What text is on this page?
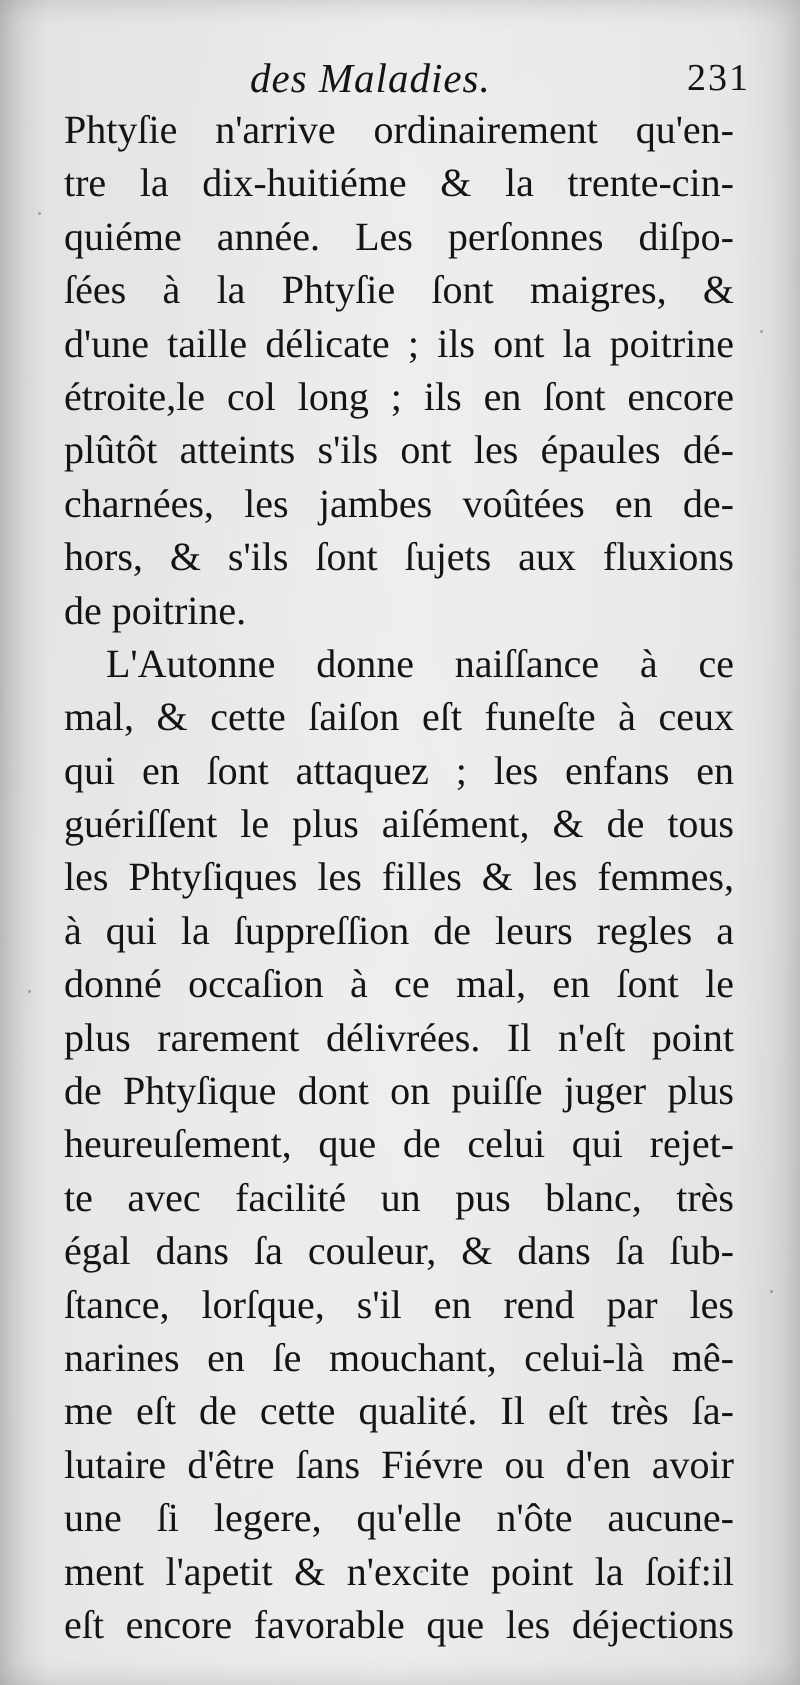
des Maladies.	231
Phtyſie n'arrive ordinairement qu'en-
tre la dix-huitiéme & la trente-cin-
quiéme année. Les perſonnes diſpo-
ſées à la Phtyſie ſont maigres, &
d'une taille délicate ; ils ont la poitrine
étroite,le col long ; ils en ſont encore
plûtôt atteints s'ils ont les épaules dé-
charnées, les jambes voûtées en de-
hors, & s'ils ſont ſujets aux fluxions
de poitrine.
L'Autonne donne naiſſance à ce
mal, & cette ſaiſon eſt funeſte à ceux
qui en ſont attaquez ; les enfans en
guériſſent le plus aiſément, & de tous
les Phtyſiques les filles & les femmes,
à qui la ſuppreſſion de leurs regles a
donné occaſion à ce mal, en ſont le
plus rarement délivrées. Il n'eſt point
de Phtyſique dont on puiſſe juger plus
heureuſement, que de celui qui rejet-
te avec facilité un pus blanc, très
égal dans ſa couleur, & dans ſa ſub-
ſtance, lorſque, s'il en rend par les
narines en ſe mouchant, celui-là mê-
me eſt de cette qualité. Il eſt très ſa-
lutaire d'être ſans Fiévre ou d'en avoir
une ſi legere, qu'elle n'ôte aucune-
ment l'apetit & n'excite point la ſoif:il
eſt encore favorable que les déjections
